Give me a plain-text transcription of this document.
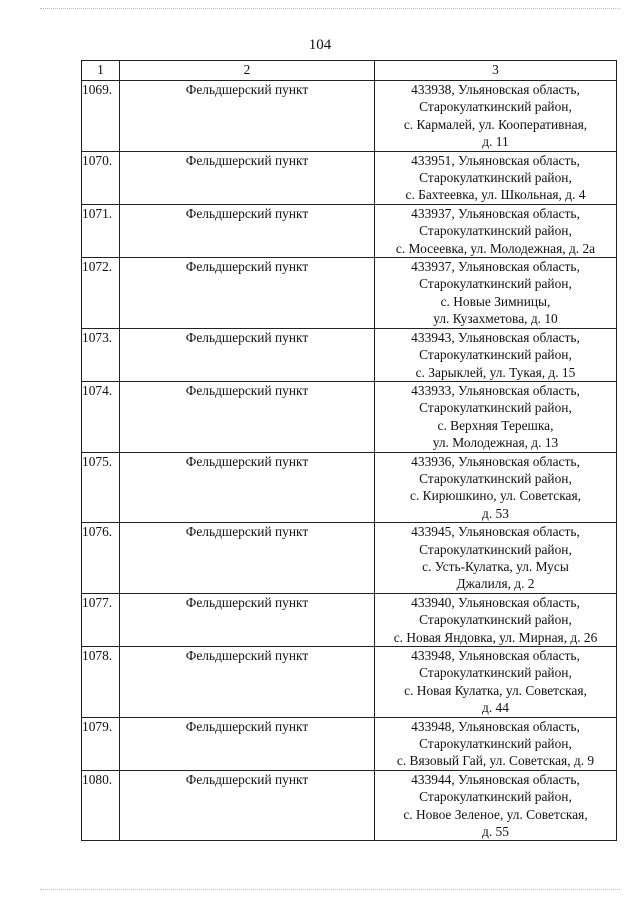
104
1	2	3
1069.	Фельдшерский пункт	433938, Ульяновская область,
Старокулаткинский район,
с. Кармалей, ул. Кооперативная,
д. 11

1070.	Фельдшерский пункт	433951, Ульяновская область,
Старокулаткинский район,
с. Бахтеевка, ул. Школьная, д. 4

1071.	Фельдшерский пункт	433937, Ульяновская область,
Старокулаткинский район,
с. Мосеевка, ул. Молодежная, д. 2а

1072.	Фельдшерский пункт	433937, Ульяновская область,
Старокулаткинский район,
с. Новые Зимницы,
ул. Кузахметова, д. 10

1073.	Фельдшерский пункт	433943, Ульяновская область,
Старокулаткинский район,
с. Зарыклей, ул. Тукая, д. 15

1074.	Фельдшерский пункт	433933, Ульяновская область,
Старокулаткинский район,
с. Верхняя Терешка,
ул. Молодежная, д. 13

1075.	Фельдшерский пункт	433936, Ульяновская область,
Старокулаткинский район,
с. Кирюшкино, ул. Советская,
д. 53

1076.	Фельдшерский пункт	433945, Ульяновская область,
Старокулаткинский район,
с. Усть-Кулатка, ул. Мусы
Джалиля, д. 2

1077.	Фельдшерский пункт	433940, Ульяновская область,
Старокулаткинский район,
с. Новая Яндовка, ул. Мирная, д. 26

1078.	Фельдшерский пункт	433948, Ульяновская область,
Старокулаткинский район,
с. Новая Кулатка, ул. Советская,
д. 44

1079.	Фельдшерский пункт	433948, Ульяновская область,
Старокулаткинский район,
с. Вязовый Гай, ул. Советская, д. 9

1080.	Фельдшерский пункт	433944, Ульяновская область,
Старокулаткинский район,
с. Новое Зеленое, ул. Советская,
д. 55
